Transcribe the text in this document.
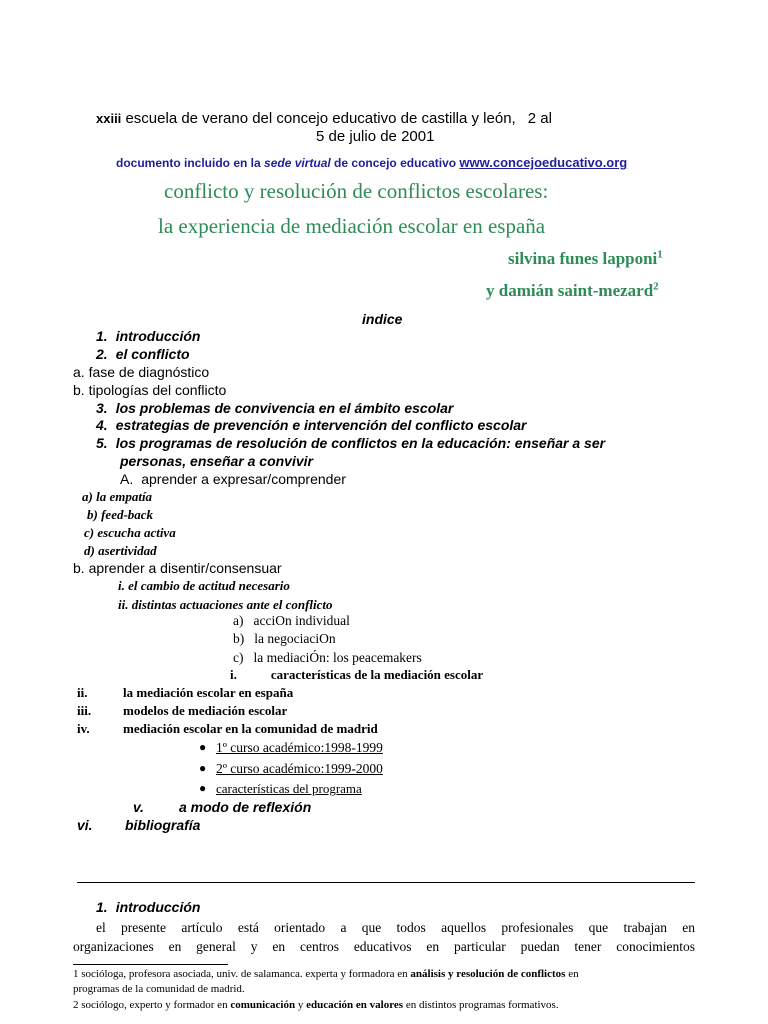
xxiii escuela de verano del concejo educativo de castilla y león, 2 al
5 de julio de 2001
documento incluido en la sede virtual de concejo educativo www.concejoeducativo.org
conflicto y resolución de conflictos escolares:
la experiencia de mediación escolar en españa
silvina funes lapponi$^1$
y damián saint-mezard$^2$
indice
1. introducción
2. el conflicto
a. fase de diagnóstico
b. tipologías del conflicto
3. los problemas de convivencia en el ámbito escolar
4. estrategias de prevención e intervención del conflicto escolar
5. los programas de resolución de conflictos en la educación: enseñar a ser
personas, enseñar a convivir
A. aprender a expresar/comprender
a) la empatía
b) feed-back
c) escucha activa
d) asertividad
b. aprender a disentir/consensuar
i. el cambio de actitud necesario
ii. distintas actuaciones ante el conflicto
a) acciOn individual
b) la negociaciOn
c) la mediaciÓn: los peacemakers
i.	características de la mediación escolar
ii.	la mediación escolar en españa
iii. modelos de mediación escolar
iv.	mediación escolar en la comunidad de madrid
● 1º curso académico:1998-1999
● 2º curso académico:1999-2000
● características del programa
v.	a modo de reflexión
vi. bibliografía
1. introducción
el presente artículo está orientado a que todos aquellos profesionales que trabajan en
organizaciones en general y en centros educativos en particular puedan tener conocimientos
1 socióloga, profesora asociada, univ. de salamanca. experta y formadora en análisis y resolución de conflictos en
programas de la comunidad de madrid.
2 sociólogo, experto y formador en comunicación y educación en valores en distintos programas formativos.
